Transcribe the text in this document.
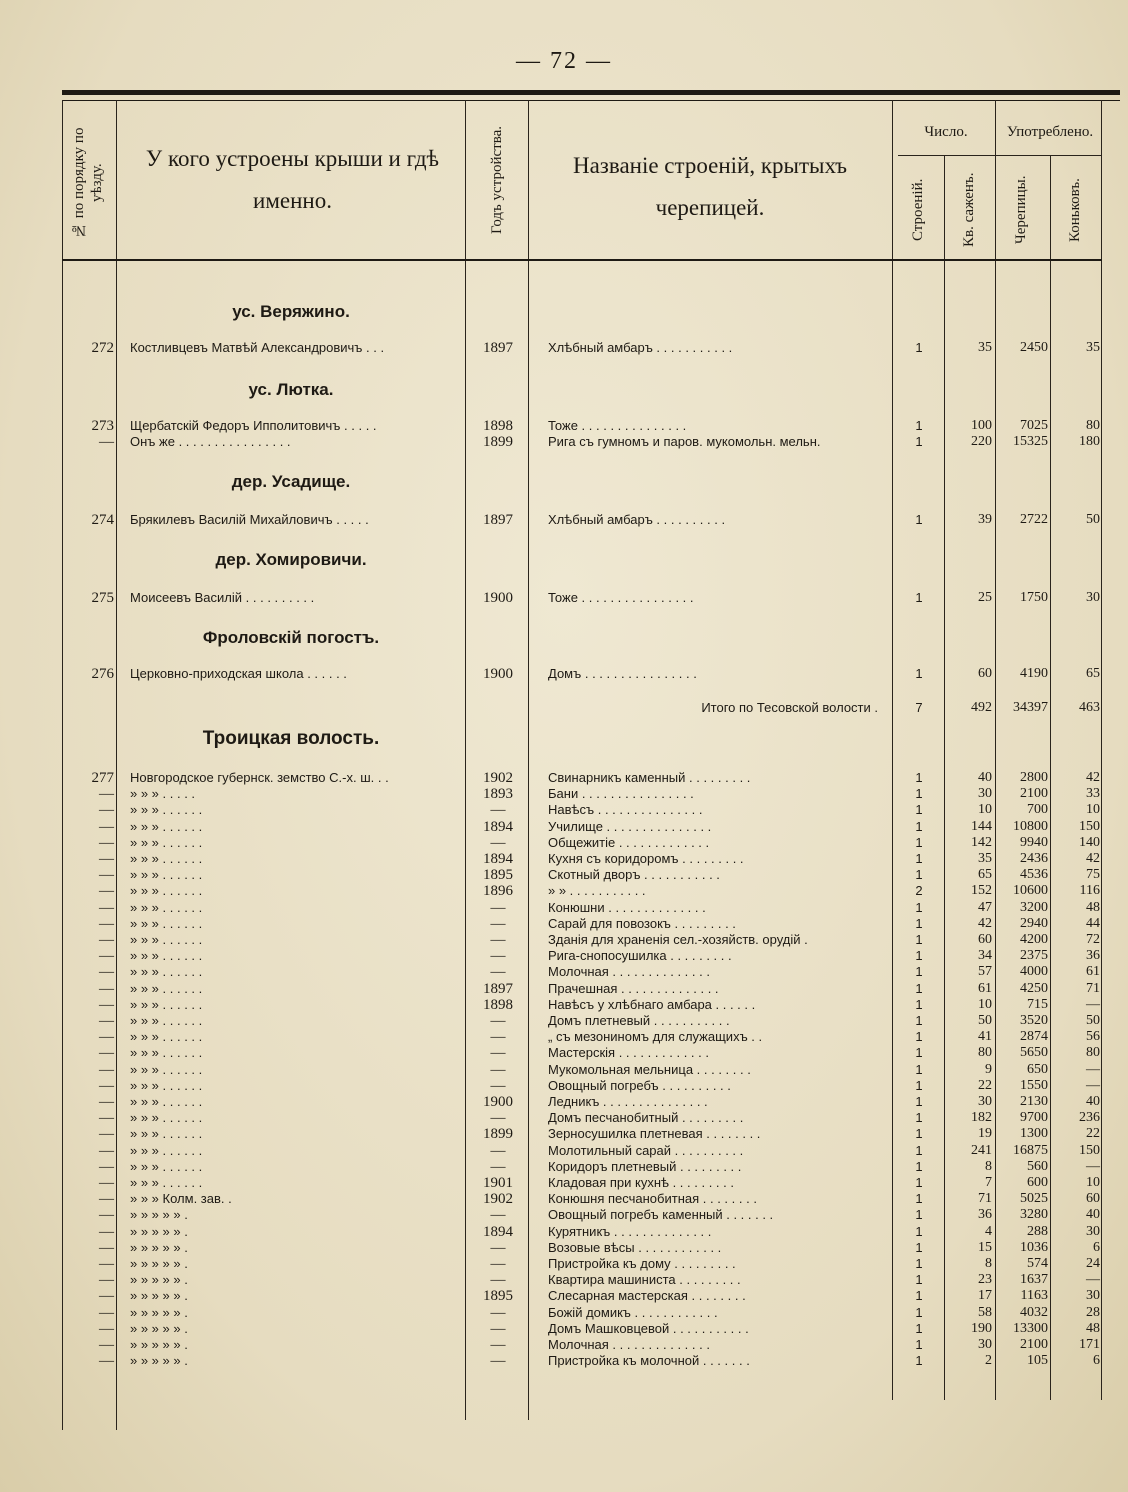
— 72 —
№ по порядку по уѣзду.
У кого устроены крыши и гдѣ именно.	Годъ устройства.	Названіе строеній, крытыхъ черепицей.
Число.	Употреблено.
Строеній.	Кв. саженъ.	Черепицы.	Коньковъ.
ус. Веряжино.
ус. Лютка.
дер. Усадище.
дер. Хомировичи.
Фроловскій погостъ.
Троицкая волость.
272 Костливцевъ Матвѣй Александровичъ . . .	1897	Хлѣбный амбаръ . . . . . . . . . . .	1	35	2450	35
273 Щербатскій Федоръ Ипполитовичъ . . . . .	1898	Тоже . . . . . . . . . . . . . . .	1	100	7025	80
— Онъ же . . . . . . . . . . . . . . . .	1899	Рига съ гумномъ и паров. мукомольн. мельн.	1	220	15325	180
274 Брякилевъ Василій Михайловичъ . . . . .	1897	Хлѣбный амбаръ . . . . . . . . . .	1	39	2722	50
275 Моисеевъ Василій . . . . . . . . . .	1900	Тоже . . . . . . . . . . . . . . . .	1	25	1750	30
276 Церковно-приходская школа . . . . . .	1900	Домъ . . . . . . . . . . . . . . . .	1	60	4190	65
Итого по Тесовской волости .	7	492	34397	463
277 Новгородское губернск. земство С.-х. ш. . .	1902	Свинарникъ каменный . . . . . . . . .	1	40	2800	42
— » » » . . . . .	1893	Бани . . . . . . . . . . . . . . . .	1	30	2100	33
— » » » . . . . . .	—	Навѣсъ . . . . . . . . . . . . . . .	1	10	700	10
— » » » . . . . . .	1894	Училище . . . . . . . . . . . . . . .	1	144	10800	150
— » » » . . . . . .	—	Общежитіе . . . . . . . . . . . . .	1	142	9940	140
— » » » . . . . . .	1894	Кухня съ коридоромъ . . . . . . . . .	1	35	2436	42
— » » » . . . . . .	1895	Скотный дворъ . . . . . . . . . . .	1	65	4536	75
— » » » . . . . . .	1896	» » . . . . . . . . . . .	2	152	10600	116
— » » » . . . . . .	—	Конюшни . . . . . . . . . . . . . .	1	47	3200	48
— » » » . . . . . .	—	Сарай для повозокъ . . . . . . . . .	1	42	2940	44
— » » » . . . . . .	—	Зданія для храненія сел.-хозяйств. орудій .	1	60	4200	72
— » » » . . . . . .	—	Рига-снопосушилка . . . . . . . . .	1	34	2375	36
— » » » . . . . . .	—	Молочная . . . . . . . . . . . . . .	1	57	4000	61
— » » » . . . . . .	1897	Прачешная . . . . . . . . . . . . . .	1	61	4250	71
— » » » . . . . . .	1898	Навѣсъ у хлѣбнаго амбара . . . . . .	1	10	715	—
— » » » . . . . . .	—	Домъ плетневый . . . . . . . . . . .	1	50	3520	50
— » » » . . . . . .	—	„ съ мезониномъ для служащихъ . .	1	41	2874	56
— » » » . . . . . .	—	Мастерскія . . . . . . . . . . . . .	1	80	5650	80
— » » » . . . . . .	—	Мукомольная мельница . . . . . . . .	1	9	650	—
— » » » . . . . . .	—	Овощный погребъ . . . . . . . . . .	1	22	1550	—
— » » » . . . . . .	1900	Ледникъ . . . . . . . . . . . . . . .	1	30	2130	40
— » » » . . . . . .	—	Домъ песчанобитный . . . . . . . . .	1	182	9700	236
— » » » . . . . . .	1899	Зерносушилка плетневая . . . . . . . .	1	19	1300	22
— » » » . . . . . .	—	Молотильный сарай . . . . . . . . . .	1	241	16875	150
— » » » . . . . . .	—	Коридоръ плетневый . . . . . . . . .	1	8	560	—
— » » » . . . . . .	1901	Кладовая при кухнѣ . . . . . . . . .	1	7	600	10
— » » » Колм. зав. .	1902	Конюшня песчанобитная . . . . . . . .	1	71	5025	60
— » » » » » .	—	Овощный погребъ каменный . . . . . . .	1	36	3280	40
— » » » » » .	1894	Курятникъ . . . . . . . . . . . . . .	1	4	288	30
— » » » » » .	—	Возовые вѣсы . . . . . . . . . . . .	1	15	1036	6
— » » » » » .	—	Пристройка къ дому . . . . . . . . .	1	8	574	24
— » » » » » .	—	Квартира машиниста . . . . . . . . .	1	23	1637	—
— » » » » » .	1895	Слесарная мастерская . . . . . . . .	1	17	1163	30
— » » » » » .	—	Божій домикъ . . . . . . . . . . . .	1	58	4032	28
— » » » » » .	—	Домъ Машковцевой . . . . . . . . . . .	1	190	13300	48
— » » » » » .	—	Молочная . . . . . . . . . . . . . .	1	30	2100	171
— » » » » » .	—	Пристройка къ молочной . . . . . . .	1	2	105	6
